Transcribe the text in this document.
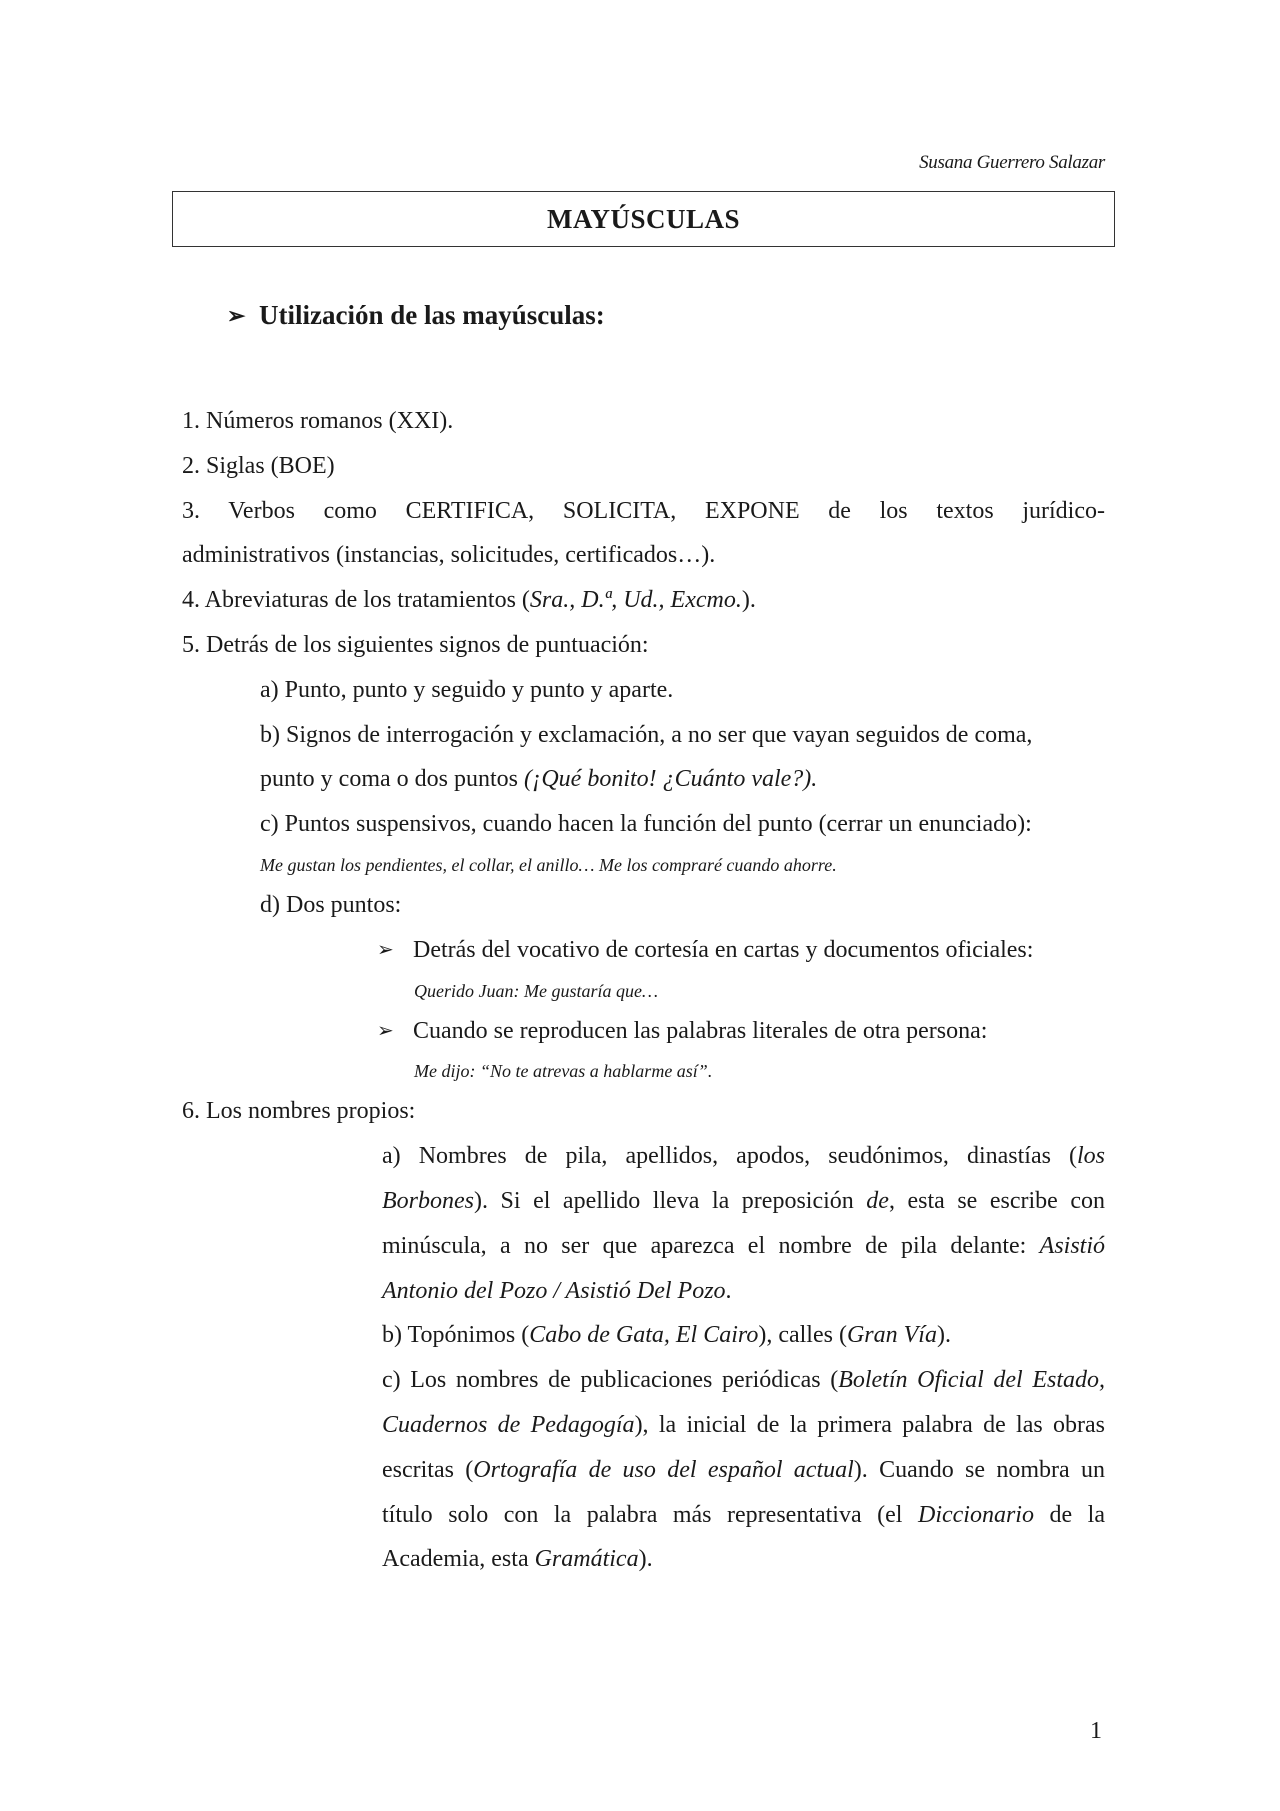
Susana Guerrero Salazar
MAYÚSCULAS
➢ Utilización de las mayúsculas:
1. Números romanos (XXI).
2. Siglas (BOE)
3. Verbos como CERTIFICA, SOLICITA, EXPONE de los textos jurídico-
administrativos (instancias, solicitudes, certificados…).
4. Abreviaturas de los tratamientos (Sra., D.ª, Ud., Excmo.).
5. Detrás de los siguientes signos de puntuación:
a) Punto, punto y seguido y punto y aparte.
b) Signos de interrogación y exclamación, a no ser que vayan seguidos de coma,
punto y coma o dos puntos (¡Qué bonito! ¿Cuánto vale?).
c) Puntos suspensivos, cuando hacen la función del punto (cerrar un enunciado):
Me gustan los pendientes, el collar, el anillo… Me los compraré cuando ahorre.
d) Dos puntos:
➢ Detrás del vocativo de cortesía en cartas y documentos oficiales:
Querido Juan: Me gustaría que…
➢ Cuando se reproducen las palabras literales de otra persona:
Me dijo: “No te atrevas a hablarme así”.
6. Los nombres propios:
a) Nombres de pila, apellidos, apodos, seudónimos, dinastías (los Borbones). Si el apellido lleva la preposición de, esta se escribe con minúscula, a no ser que aparezca el nombre de pila delante: Asistió Antonio del Pozo / Asistió Del Pozo.
b) Topónimos (Cabo de Gata, El Cairo), calles (Gran Vía).
c) Los nombres de publicaciones periódicas (Boletín Oficial del Estado, Cuadernos de Pedagogía), la inicial de la primera palabra de las obras escritas (Ortografía de uso del español actual). Cuando se nombra un título solo con la palabra más representativa (el Diccionario de la Academia, esta Gramática).
1
